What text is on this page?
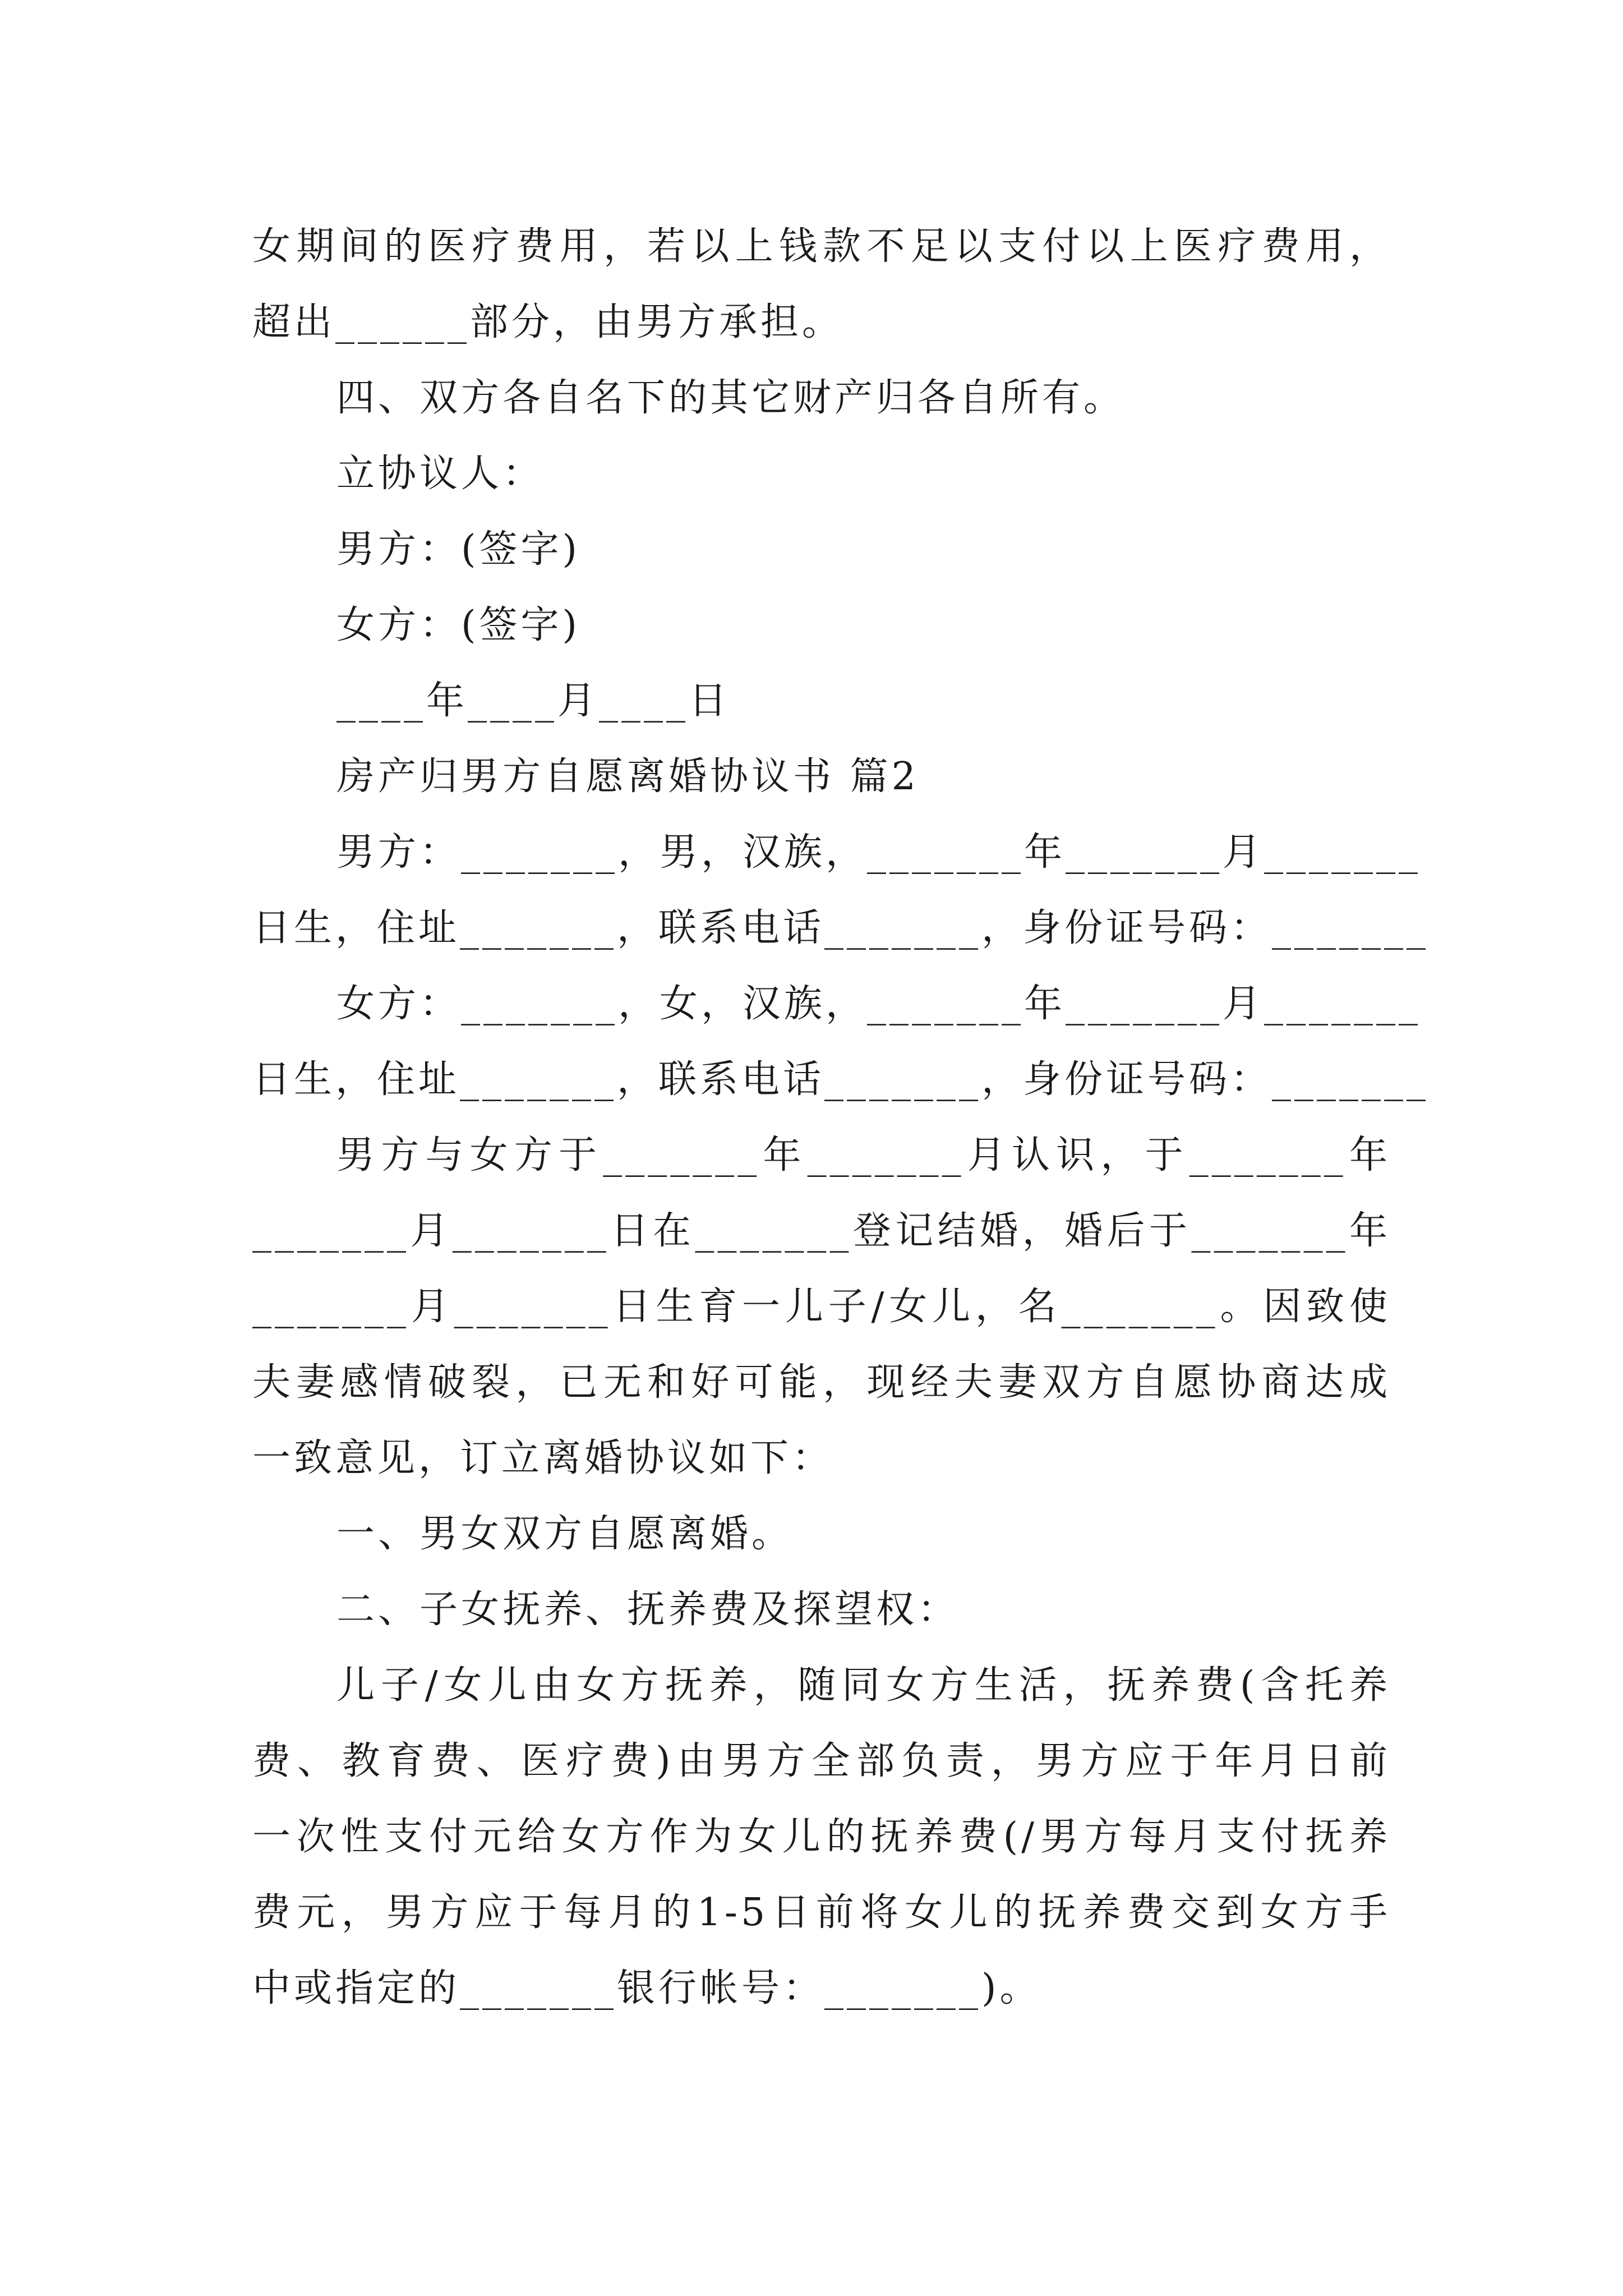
女期间的医疗费用，若以上钱款不足以支付以上医疗费用，
超出______部分，由男方承担。
四、双方各自名下的其它财产归各自所有。
立协议人：
男方：(签字)
女方：(签字)
____年____月____日
房产归男方自愿离婚协议书 篇2
男方：_______，男，汉族，_______年_______月_______
日生，住址_______，联系电话_______，身份证号码：_______
女方：_______，女，汉族，_______年_______月_______
日生，住址_______，联系电话_______，身份证号码：_______
男方与女方于_______年_______月认识，于_______年
_______月_______日在_______登记结婚，婚后于_______年
_______月_______日生育一儿子/女儿，名_______。因致使
夫妻感情破裂，已无和好可能，现经夫妻双方自愿协商达成
一致意见，订立离婚协议如下：
一、男女双方自愿离婚。
二、子女抚养、抚养费及探望权：
儿子/女儿由女方抚养，随同女方生活，抚养费(含托养
费、教育费、医疗费)由男方全部负责，男方应于年月日前
一次性支付元给女方作为女儿的抚养费(/男方每月支付抚养
费元，男方应于每月的1-5日前将女儿的抚养费交到女方手
中或指定的_______银行帐号：_______)。
